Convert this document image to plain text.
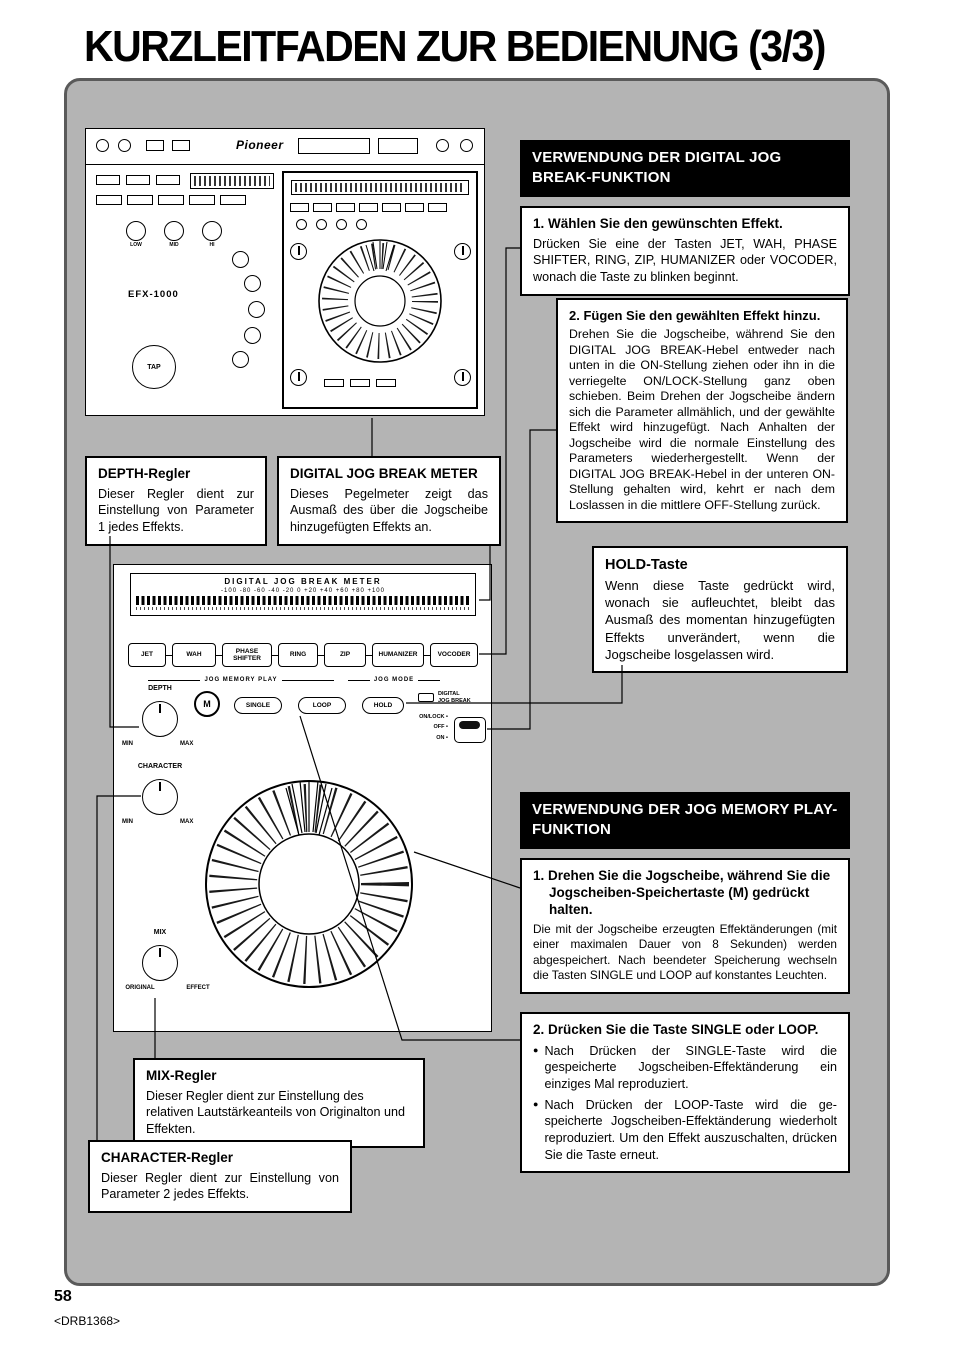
KURZLEITFADEN ZUR BEDIENUNG (3/3)
Pioneer
LOW	MID	HI
EFX-1000
TAP
VERWENDUNG DER DIGITAL JOG BREAK-FUNKTION
1. Wählen Sie den gewünschten Effekt.

Drücken Sie eine der Tasten JET, WAH, PHASE SHIFTER, RING, ZIP, HUMANIZER oder VOCODER, wonach die Taste zu blinken beginnt.

2. Fügen Sie den gewählten Effekt hinzu.

Drehen Sie die Jogscheibe, während Sie den DIGITAL JOG BREAK-Hebel entweder nach unten in die ON-Stellung ziehen oder ihn in die verriegelte ON/LOCK-Stellung ganz oben schieben. Beim Drehen der Jogscheibe ändern sich die Parameter allmählich, und der gewählte Effekt wird hinzugefügt. Nach Anhalten der Jogscheibe wird die normale Einstellung des Parameters wiederhergestellt. Wenn der DIGITAL JOG BREAK-Hebel in der unteren ON-Stellung gehalten wird, kehrt er nach dem Loslassen in die mittlere OFF-Stellung zurück.

HOLD-Taste

Wenn diese Taste gedrückt wird, wonach sie aufleuchtet, bleibt das Ausmaß des momentan hinzugefügten Effekts unverändert, wenn die Jogscheibe losgelassen wird.

DEPTH-Regler

Dieser Regler dient zur Einstellung von Parameter 1 jedes Effekts.

DIGITAL JOG BREAK METER

Dieses Pegelmeter zeigt das Ausmaß des über die Jogscheibe hinzugefügten Effekts an.

DIGITAL JOG BREAK METER
-100 -80 -60 -40 -20 0 +20 +40 +60 +80 +100
JET	WAH
PHASE SHIFTER
RING	ZIP	HUMANIZER	VOCODER
JOG MEMORY PLAY	JOG MODE
M	SINGLE	LOOP	HOLD
DIGITAL
JOG BREAK
ON/LOCK •
OFF •
ON •
DEPTH
MIN	MAX
CHARACTER
MIN	MAX
MIX
ORIGINAL	EFFECT
VERWENDUNG DER JOG MEMORY PLAY-FUNKTION
1. Drehen Sie die Jogscheibe, während Sie die Jogscheiben-Speichertaste (M) gedrückt halten.

Die mit der Jogscheibe erzeugten Effektänderungen (mit einer maximalen Dauer von 8 Sekunden) werden abgespeichert. Nach beendeter Speicherung wechseln die Tasten SINGLE und LOOP auf konstantes Leuchten.

2. Drücken Sie die Taste SINGLE oder LOOP.
● Nach Drücken der SINGLE-Taste wird die gespeicherte Jogscheiben-Effektänderung ein einziges Mal reproduziert.

● Nach Drücken der LOOP-Taste wird die ge-speicherte Jogscheiben-Effektänderung wiederholt reproduziert. Um den Effekt auszuschalten, drücken Sie die Taste erneut.

MIX-Regler

Dieser Regler dient zur Einstellung des relativen Lautstärkeanteils von Originalton und Effekten.

CHARACTER-Regler

Dieser Regler dient zur Einstellung von Parameter 2 jedes Effekts.

58
<DRB1368>
